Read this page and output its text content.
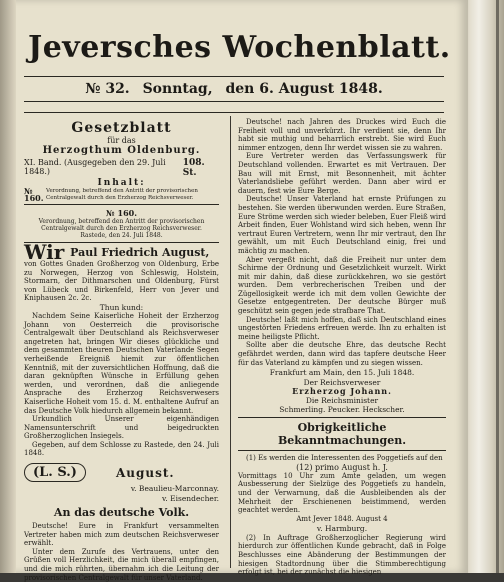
Jeversches Wochenblatt.
№ 32. Sonntag, den 6. August 1848.
Gesetzblatt
für das
Herzogthum Oldenburg.
XI. Band. (Ausgegeben den 29. Juli 1848.)
108. St.
Inhalt:
№ 160.
Verordnung, betreffend den Antritt der provisorischen Centralgewalt durch den Erzherzog Reichsverweser.
№ 160.
Verordnung, betreffend den Antritt der provisorischen Centralgewalt durch den Erzherzog Reichsverweser.
Rastede, den 24. Juli 1848.
Wir Paul Friedrich August,

von Gottes Gnaden Großherzog von Oldenburg, Erbe zu Norwegen, Herzog von Schleswig, Holstein, Stormarn, der Dithmarschen und Oldenburg, Fürst von Lübeck und Birkenfeld, Herr von Jever und Kniphausen 2c. 2c.

Thun kund:

Nachdem Seine Kaiserliche Hoheit der Erzherzog Johann von Oesterreich die provisorische Centralgewalt über Deutschland als Reichsverweser angetreten hat, bringen Wir dieses glückliche und dem gesammten theuren Deutschen Vaterlande Segen verheißende Ereigniß hiemit zur öffentlichen Kenntniß, mit der zuversichtlichen Hoffnung, daß die daran geknüpften Wünsche in Erfüllung gehen werden, und verordnen, daß die anliegende Ansprache des Erzherzog Reichsverwesers Kaiserliche Hoheit vom 15. d. M. enthaltene Aufruf an das Deutsche Volk hiedurch allgemein bekannt.

Urkundlich Unserer eigenhändigen Namensunterschrift und beigedruckten Großherzoglichen Insiegels.

Gegeben, auf dem Schlosse zu Rastede, den 24. Juli 1848.

(L. S.)	August.
v. Beaulieu-Marconnay.
v. Eisendecher.
An das deutsche Volk.

Deutsche! Eure in Frankfurt versammelten Vertreter haben mich zum deutschen Reichsverweser erwählt.

Unter dem Zurufe des Vertrauens, unter den Grüßen voll Herzlichkeit, die mich überall empfingen, und die mich rührten, übernahm ich die Leitung der provisorischen Centralgewalt für unser Vaterland.

Deutsche! nach Jahren des Druckes wird Euch die Freiheit voll und unverkürzt. Ihr verdient sie, denn Ihr habt sie muthig und beharrlich erstrebt. Sie wird Euch nimmer entzogen, denn Ihr werdet wissen sie zu wahren.

Eure Vertreter werden das Verfassungswerk für Deutschland vollenden. Erwartet es mit Vertrauen. Der Bau will mit Ernst, mit Besonnenheit, mit ächter Vaterlandsliebe geführt werden. Dann aber wird er dauern, fest wie Eure Berge.

Deutsche! Unser Vaterland hat ernste Prüfungen zu bestehen. Sie werden überwunden werden. Eure Straßen, Eure Ströme werden sich wieder beleben, Euer Fleiß wird Arbeit finden, Euer Wohlstand wird sich heben, wenn Ihr vertraut Euren Vertretern, wenn Ihr mir vertraut, den Ihr gewählt, um mit Euch Deutschland einig, frei und mächtig zu machen.

Aber vergeßt nicht, daß die Freiheit nur unter dem Schirme der Ordnung und Gesetzlichkeit wurzelt. Wirkt mit mir dahin, daß diese zurückkehren, wo sie gestört wurden. Dem verbrecherischen Treiben und der Zügellosigkeit werde ich mit dem vollen Gewichte der Gesetze entgegentreten. Der deutsche Bürger muß geschützt sein gegen jede strafbare That.

Deutsche! laßt mich hoffen, daß sich Deutschland eines ungestörten Friedens erfreuen werde. Ihn zu erhalten ist meine heiligste Pflicht.

Sollte aber die deutsche Ehre, das deutsche Recht gefährdet werden, dann wird das tapfere deutsche Heer für das Vaterland zu kämpfen und zu siegen wissen.

Frankfurt am Main, den 15. Juli 1848.
Der Reichsverweser
Erzherzog Johann.
Die Reichsminister
Schmerling. Peucker. Heckscher.
Obrigkeitliche Bekanntmachungen.

(1) Es werden die Interessenten des Poggetiefs auf den

(12) primo August h. J.

Vormittags 10 Uhr zum Amte geladen, um wegen Ausbesserung der Sielzüge des Poggetiefs zu handeln, und der Verwarnung, daß die Ausbleibenden als der Mehrheit der Erschienenen beistimmend, werden geachtet werden.

Amt Jever 1848. August 4
v. Harmburg.

(2) In Auftrage Großherzoglicher Regierung wird hierdurch zur öffentlichen Kunde gebracht, daß in Folge Beschlusses eine Abänderung der Bestimmungen der hiesigen Stadtordnung über die Stimmberechtigung erfolgt ist, bei der zunächst die hiesigen
